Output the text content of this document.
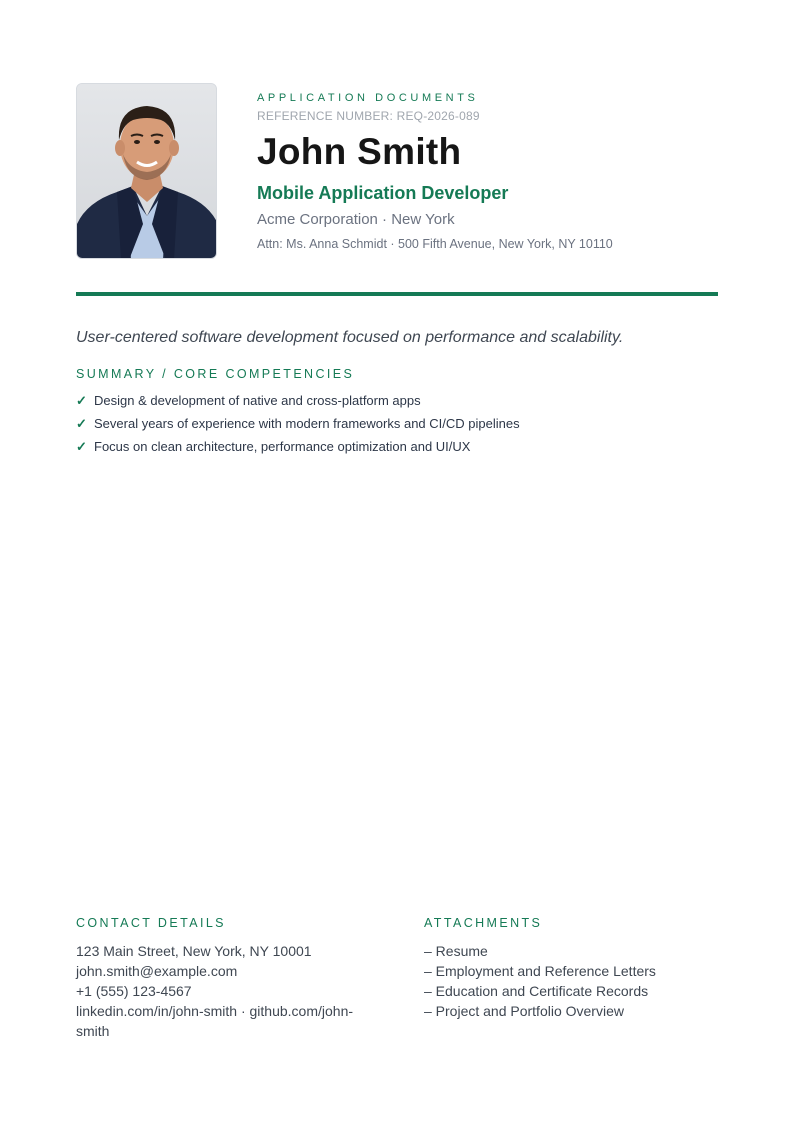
APPLICATION DOCUMENTS
REFERENCE NUMBER: REQ-2026-089
John Smith
Mobile Application Developer
Acme Corporation · New York
Attn: Ms. Anna Schmidt · 500 Fifth Avenue, New York, NY 10110
User-centered software development focused on performance and scalability.
SUMMARY / CORE COMPETENCIES
✓ Design & development of native and cross-platform apps
✓ Several years of experience with modern frameworks and CI/CD pipelines
✓ Focus on clean architecture, performance optimization and UI/UX
CONTACT DETAILS
123 Main Street, New York, NY 10001
john.smith@example.com
+1 (555) 123-4567
linkedin.com/in/john-smith · github.com/john-smith
ATTACHMENTS
– Resume
– Employment and Reference Letters
– Education and Certificate Records
– Project and Portfolio Overview
